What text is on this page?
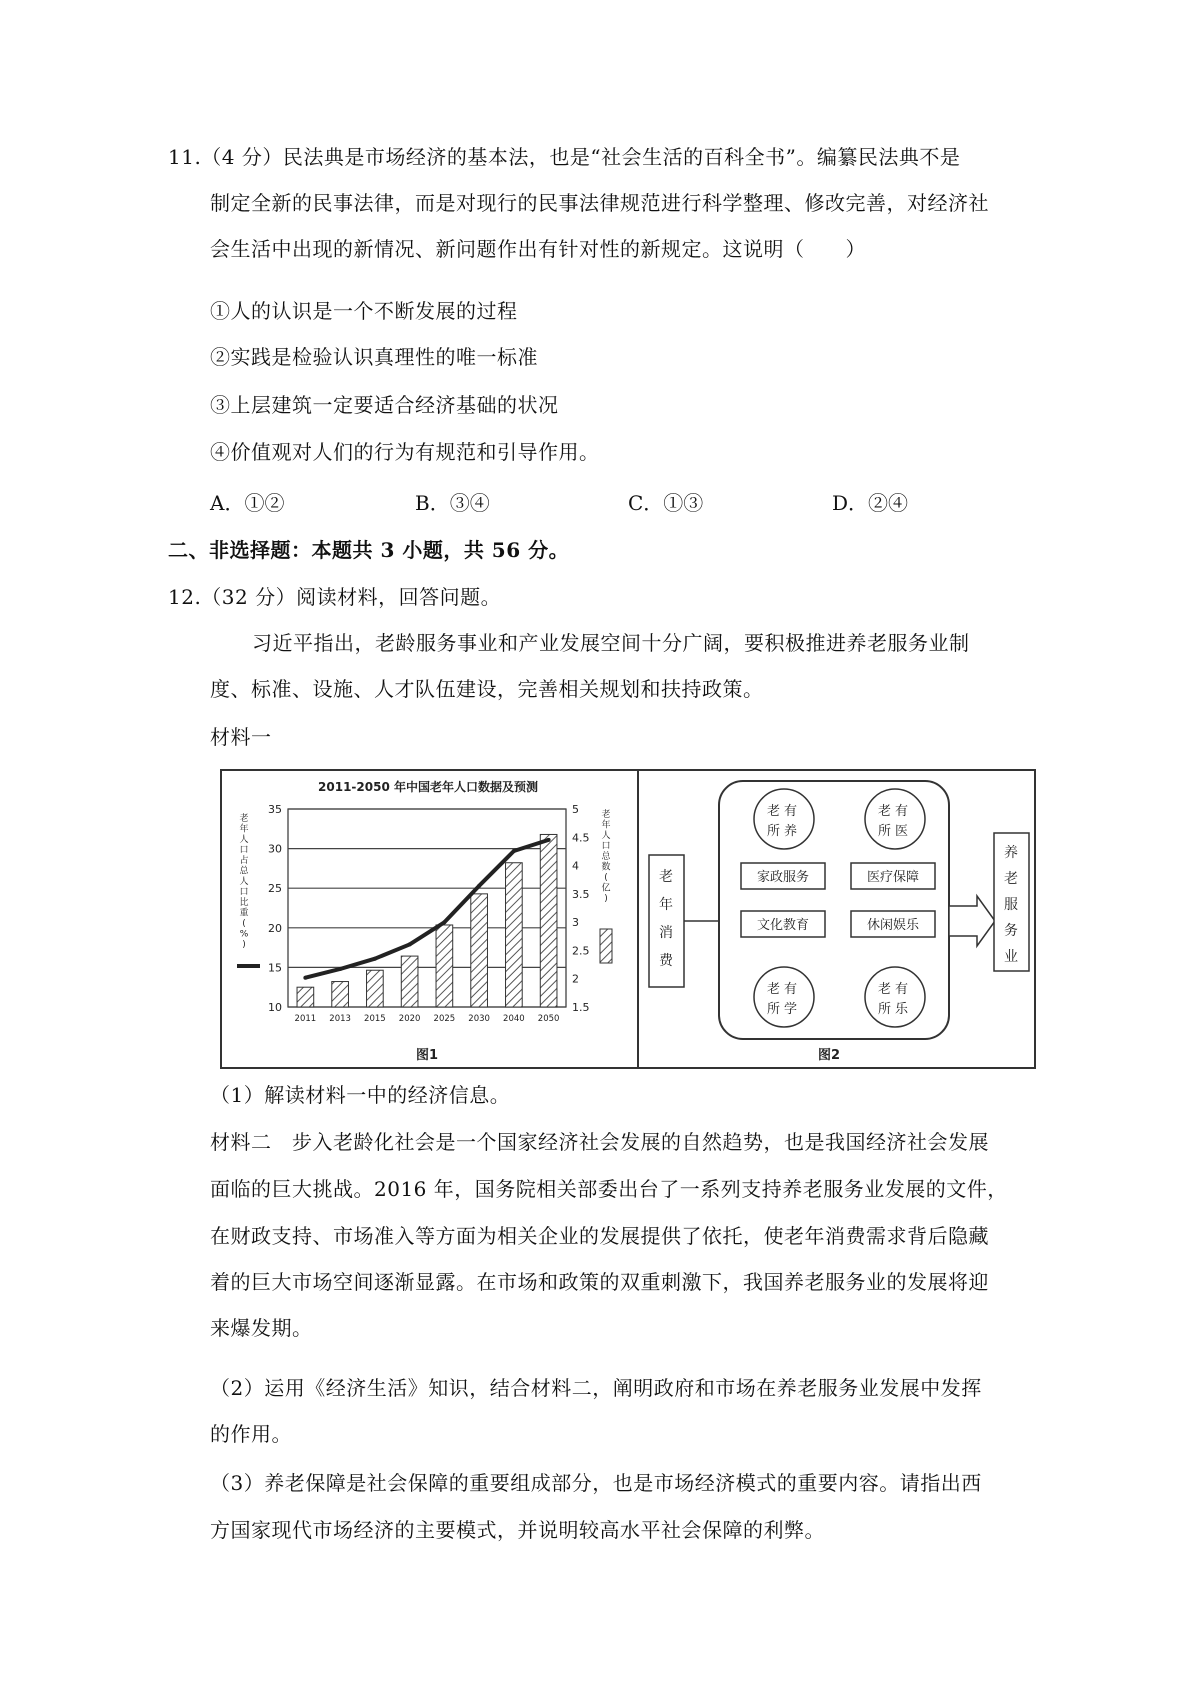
11.（4 分）民法典是市场经济的基本法，也是“社会生活的百科全书”。编纂民法典不是
制定全新的民事法律，而是对现行的民事法律规范进行科学整理、修改完善，对经济社
会生活中出现的新情况、新问题作出有针对性的新规定。这说明（　　）
①人的认识是一个不断发展的过程
②实践是检验认识真理性的唯一标准
③上层建筑一定要适合经济基础的状况
④价值观对人们的行为有规范和引导作用。
A．①②	B．③④	C．①③	D．②④
二、非选择题：本题共 3 小题，共 56 分。
12.（32 分）阅读材料，回答问题。
习近平指出，老龄服务事业和产业发展空间十分广阔，要积极推进养老服务业制
度、标准、设施、人才队伍建设，完善相关规划和扶持政策。
材料一
2011-2050 年中国老年人口数据及预测
10
15
20
25
30
35
1.5
2
2.5
3
3.5
4
4.5
5
2011 2013 2015 2020 2025 2030 2040 2050
老
年
人
口
占
总
人
口
比
重
(
%
)
老
年
人
口
总
数
(
亿
)
图1
老
年
消
费
老有
所养
老有
所医
老有
所学
老有
所乐
家政服务	医疗保障
文化教育	休闲娱乐
养
老
服
务
业
图2
（1）解读材料一中的经济信息。
材料二　步入老龄化社会是一个国家经济社会发展的自然趋势，也是我国经济社会发展
面临的巨大挑战。2016 年，国务院相关部委出台了一系列支持养老服务业发展的文件，
在财政支持、市场准入等方面为相关企业的发展提供了依托，使老年消费需求背后隐藏
着的巨大市场空间逐渐显露。在市场和政策的双重刺激下，我国养老服务业的发展将迎
来爆发期。
（2）运用《经济生活》知识，结合材料二，阐明政府和市场在养老服务业发展中发挥
的作用。
（3）养老保障是社会保障的重要组成部分，也是市场经济模式的重要内容。请指出西
方国家现代市场经济的主要模式，并说明较高水平社会保障的利弊。
